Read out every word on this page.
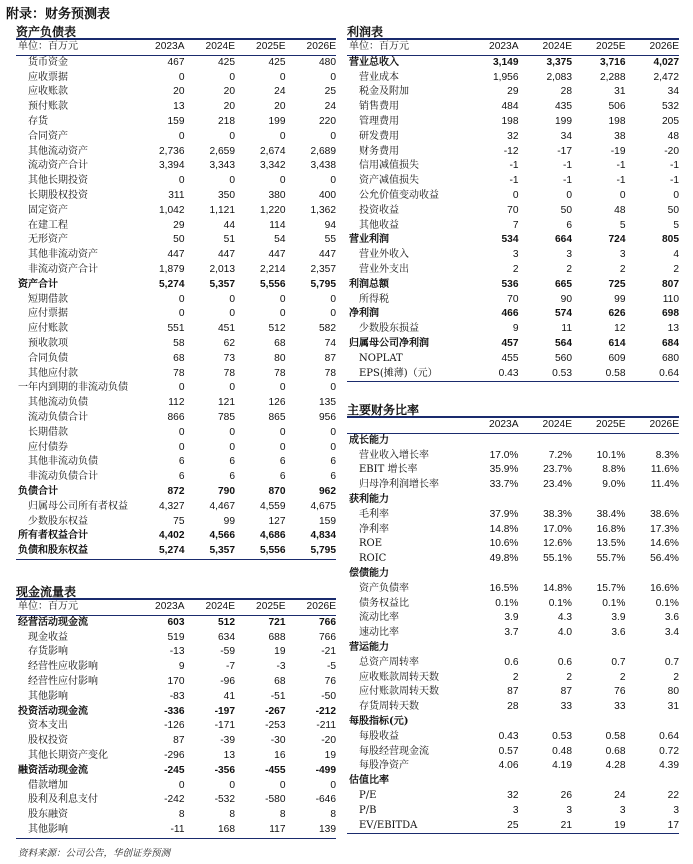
附录：财务预测表
资产负债表
单位：百万元	2023A	2024E	2025E	2026E
货币资金	467	425	425	480
应收票据	0	0	0	0
应收账款	20	20	24	25
预付账款	13	20	20	24
存货	159	218	199	220
合同资产	0	0	0	0
其他流动资产	2,736	2,659	2,674	2,689
流动资产合计	3,394	3,343	3,342	3,438
其他长期投资	0	0	0	0
长期股权投资	311	350	380	400
固定资产	1,042	1,121	1,220	1,362
在建工程	29	44	114	94
无形资产	50	51	54	55
其他非流动资产	447	447	447	447
非流动资产合计	1,879	2,013	2,214	2,357
资产合计	5,274	5,357	5,556	5,795
短期借款	0	0	0	0
应付票据	0	0	0	0
应付账款	551	451	512	582
预收款项	58	62	68	74
合同负债	68	73	80	87
其他应付款	78	78	78	78
一年内到期的非流动负债	0	0	0	0
其他流动负债	112	121	126	135
流动负债合计	866	785	865	956
长期借款	0	0	0	0
应付债券	0	0	0	0
其他非流动负债	6	6	6	6
非流动负债合计	6	6	6	6
负债合计	872	790	870	962
归属母公司所有者权益	4,327	4,467	4,559	4,675
少数股东权益	75	99	127	159
所有者权益合计	4,402	4,566	4,686	4,834
负债和股东权益	5,274	5,357	5,556	5,795
现金流量表
单位：百万元	2023A	2024E	2025E	2026E
经营活动现金流	603	512	721	766
现金收益	519	634	688	766
存货影响	-13	-59	19	-21
经营性应收影响	9	-7	-3	-5
经营性应付影响	170	-96	68	76
其他影响	-83	41	-51	-50
投资活动现金流	-336	-197	-267	-212
资本支出	-126	-171	-253	-211
股权投资	87	-39	-30	-20
其他长期资产变化	-296	13	16	19
融资活动现金流	-245	-356	-455	-499
借款增加	0	0	0	0
股利及利息支付	-242	-532	-580	-646
股东融资	8	8	8	8
其他影响	-11	168	117	139
利润表
单位：百万元	2023A	2024E	2025E	2026E
营业总收入	3,149	3,375	3,716	4,027
营业成本	1,956	2,083	2,288	2,472
税金及附加	29	28	31	34
销售费用	484	435	506	532
管理费用	198	199	198	205
研发费用	32	34	38	48
财务费用	-12	-17	-19	-20
信用减值损失	-1	-1	-1	-1
资产减值损失	-1	-1	-1	-1
公允价值变动收益	0	0	0	0
投资收益	70	50	48	50
其他收益	7	6	5	5
营业利润	534	664	724	805
营业外收入	3	3	3	4
营业外支出	2	2	2	2
利润总额	536	665	725	807
所得税	70	90	99	110
净利润	466	574	626	698
少数股东损益	9	11	12	13
归属母公司净利润	457	564	614	684
NOPLAT	455	560	609	680
EPS(摊薄)（元）	0.43	0.53	0.58	0.64
主要财务比率
	2023A	2024E	2025E	2026E
成长能力				
营业收入增长率	17.0%	7.2%	10.1%	8.3%
EBIT 增长率	35.9%	23.7%	8.8%	11.6%
归母净利润增长率	33.7%	23.4%	9.0%	11.4%
获利能力				
毛利率	37.9%	38.3%	38.4%	38.6%
净利率	14.8%	17.0%	16.8%	17.3%
ROE	10.6%	12.6%	13.5%	14.6%
ROIC	49.8%	55.1%	55.7%	56.4%
偿债能力				
资产负债率	16.5%	14.8%	15.7%	16.6%
债务权益比	0.1%	0.1%	0.1%	0.1%
流动比率	3.9	4.3	3.9	3.6
速动比率	3.7	4.0	3.6	3.4
营运能力				
总资产周转率	0.6	0.6	0.7	0.7
应收账款周转天数	2	2	2	2
应付账款周转天数	87	87	76	80
存货周转天数	28	33	33	31
每股指标(元)				
每股收益	0.43	0.53	0.58	0.64
每股经营现金流	0.57	0.48	0.68	0.72
每股净资产	4.06	4.19	4.28	4.39
估值比率				
P/E	32	26	24	22
P/B	3	3	3	3
EV/EBITDA	25	21	19	17
资料来源：公司公告，华创证券预测
